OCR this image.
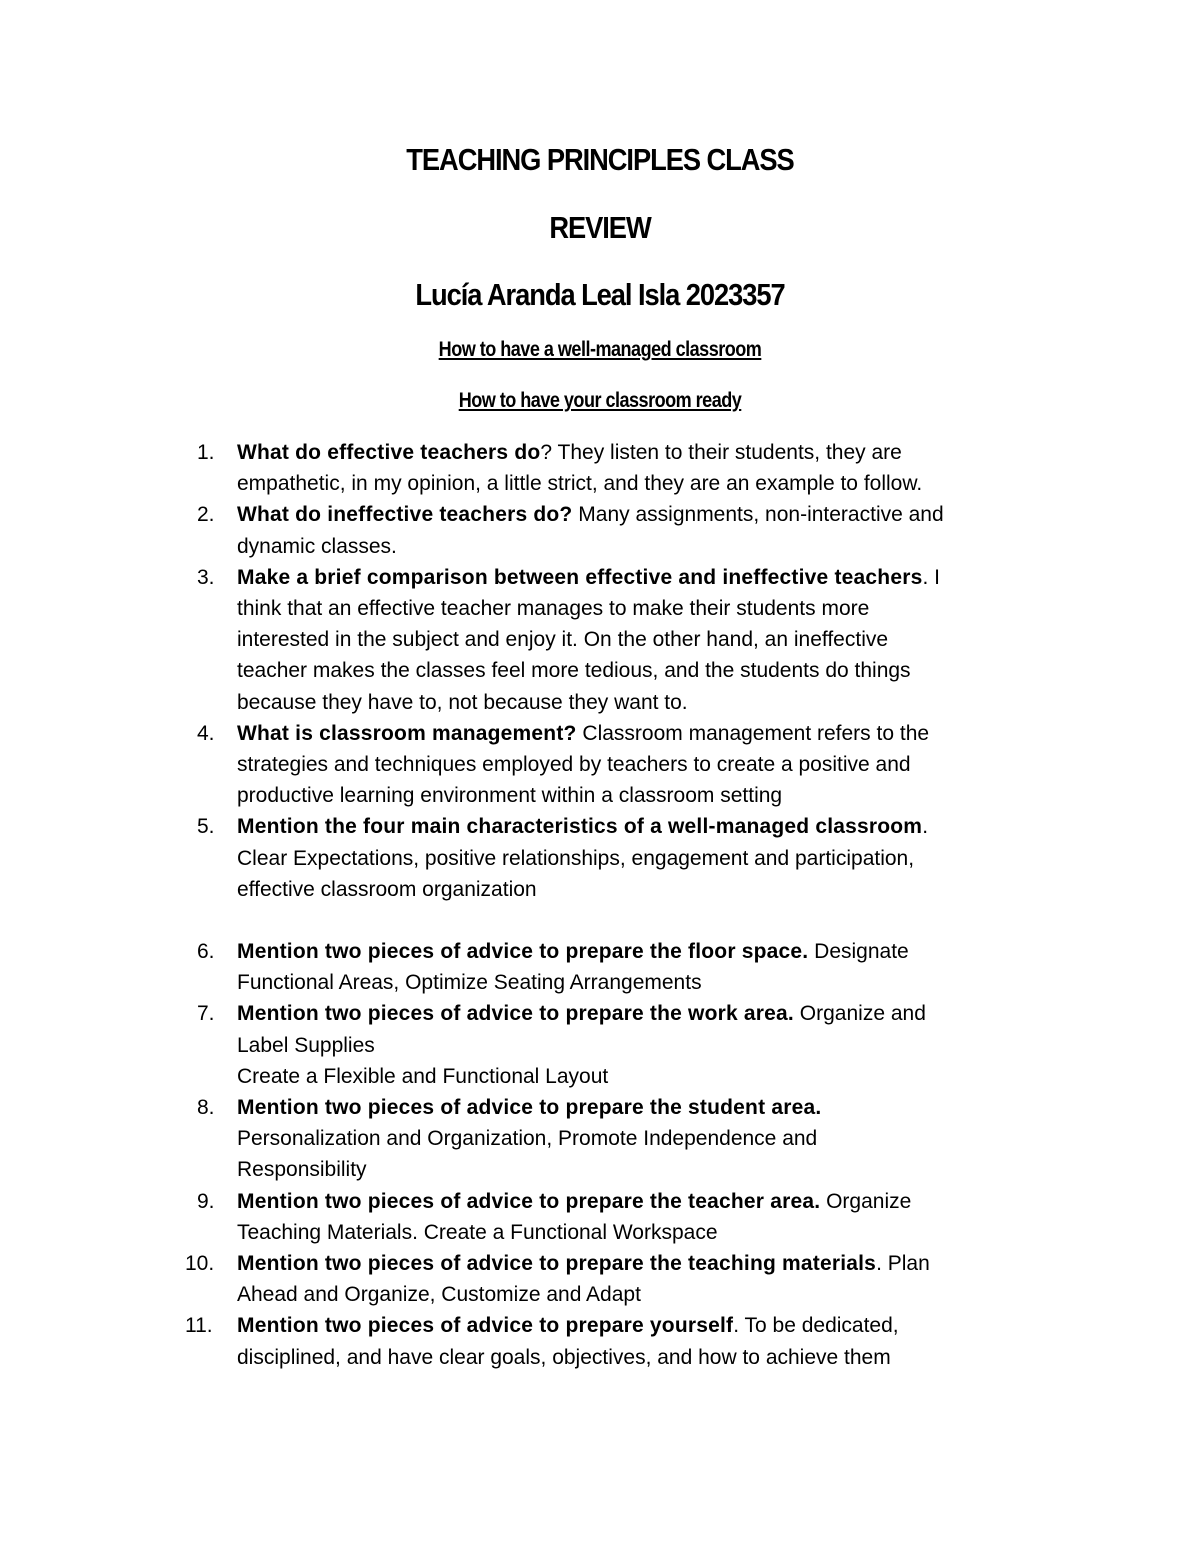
TEACHING PRINCIPLES CLASS
REVIEW
Lucía Aranda Leal Isla 2023357
How to have a well-managed classroom
How to have your classroom ready
1. What do effective teachers do? They listen to their students, they are
empathetic, in my opinion, a little strict, and they are an example to follow.
2. What do ineffective teachers do? Many assignments, non-interactive and
dynamic classes.
3. Make a brief comparison between effective and ineffective teachers. I
think that an effective teacher manages to make their students more
interested in the subject and enjoy it. On the other hand, an ineffective
teacher makes the classes feel more tedious, and the students do things
because they have to, not because they want to.
4. What is classroom management? Classroom management refers to the
strategies and techniques employed by teachers to create a positive and
productive learning environment within a classroom setting
5. Mention the four main characteristics of a well-managed classroom.
Clear Expectations, positive relationships, engagement and participation,
effective classroom organization
6. Mention two pieces of advice to prepare the floor space. Designate
Functional Areas, Optimize Seating Arrangements
7. Mention two pieces of advice to prepare the work area. Organize and
Label Supplies
Create a Flexible and Functional Layout
8. Mention two pieces of advice to prepare the student area.
Personalization and Organization, Promote Independence and
Responsibility
9. Mention two pieces of advice to prepare the teacher area. Organize
Teaching Materials. Create a Functional Workspace
10. Mention two pieces of advice to prepare the teaching materials. Plan
Ahead and Organize, Customize and Adapt
11. Mention two pieces of advice to prepare yourself. To be dedicated,
disciplined, and have clear goals, objectives, and how to achieve them
